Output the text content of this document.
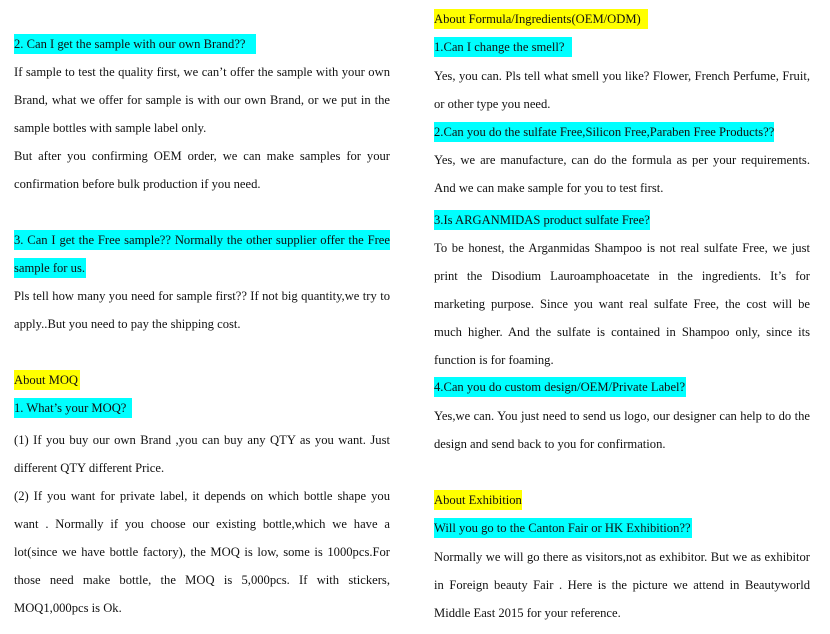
2. Can I get the sample with our own Brand??
If sample to test the quality first, we can’t offer the sample with your own
Brand, what we offer for sample is with our own Brand, or we put in the
sample bottles with sample label only.
But after you confirming OEM order, we can make samples for your
confirmation before bulk production if you need.
3. Can I get the Free sample?? Normally the other supplier offer the Free
sample for us.
Pls tell how many you need for sample first?? If not big quantity,we try to
apply..But you need to pay the shipping cost.
About MOQ
1. What’s your MOQ?
(1) If you buy our own Brand ,you can buy any QTY as you want. Just
different QTY different Price.
(2) If you want for private label, it depends on which bottle shape you
want . Normally if you choose our existing bottle,which we have a
lot(since we have bottle factory), the MOQ is low, some is 1000pcs.For
those need make bottle, the MOQ is 5,000pcs. If with stickers,
MOQ1,000pcs is Ok.
About Formula/Ingredients(OEM/ODM)
1.Can I change the smell?
Yes, you can. Pls tell what smell you like? Flower, French Perfume, Fruit,
or other type you need.
2.Can you do the sulfate Free,Silicon Free,Paraben Free Products??
Yes, we are manufacture, can do the formula as per your requirements.
And we can make sample for you to test first.
3.Is ARGANMIDAS product sulfate Free?
To be honest, the Arganmidas Shampoo is not real sulfate Free, we just
print the Disodium Lauroamphoacetate in the ingredients. It’s for
marketing purpose. Since you want real sulfate Free, the cost will be
much higher. And the sulfate is contained in Shampoo only, since its
function is for foaming.
4.Can you do custom design/OEM/Private Label?
Yes,we can. You just need to send us logo, our designer can help to do the
design and send back to you for confirmation.
About Exhibition
Will you go to the Canton Fair or HK Exhibition??
Normally we will go there as visitors,not as exhibitor. But we as exhibitor
in Foreign beauty Fair . Here is the picture we attend in Beautyworld
Middle East 2015 for your reference.
